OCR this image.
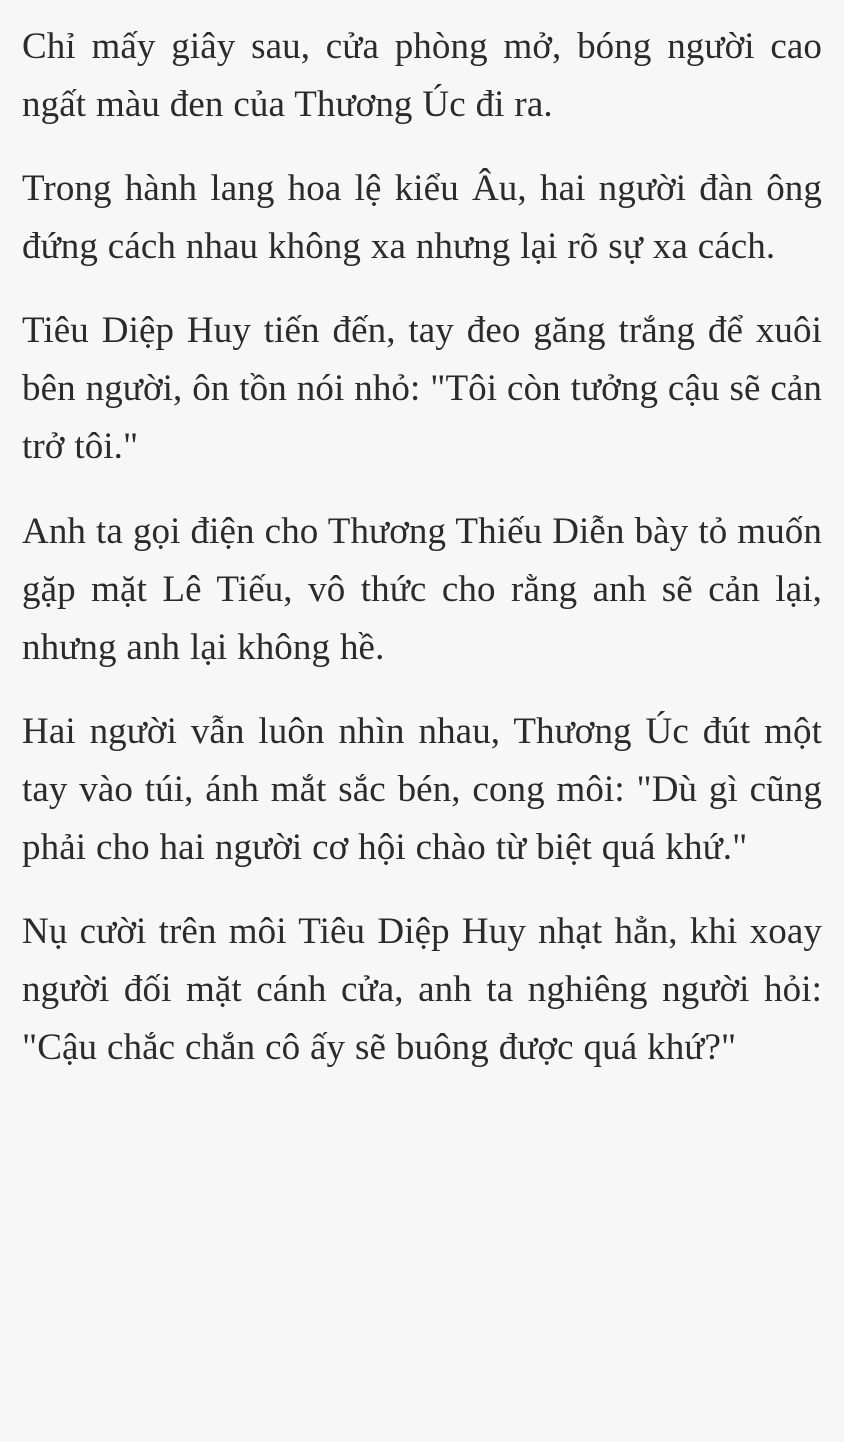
Chỉ mấy giây sau, cửa phòng mở, bóng người cao ngất màu đen của Thương Úc đi ra.

Trong hành lang hoa lệ kiểu Âu, hai người đàn ông đứng cách nhau không xa nhưng lại rõ sự xa cách.

Tiêu Diệp Huy tiến đến, tay đeo găng trắng để xuôi bên người, ôn tồn nói nhỏ: "Tôi còn tưởng cậu sẽ cản trở tôi."

Anh ta gọi điện cho Thương Thiếu Diễn bày tỏ muốn gặp mặt Lê Tiếu, vô thức cho rằng anh sẽ cản lại, nhưng anh lại không hề.

Hai người vẫn luôn nhìn nhau, Thương Úc đút một tay vào túi, ánh mắt sắc bén, cong môi: "Dù gì cũng phải cho hai người cơ hội chào từ biệt quá khứ."

Nụ cười trên môi Tiêu Diệp Huy nhạt hẳn, khi xoay người đối mặt cánh cửa, anh ta nghiêng người hỏi: "Cậu chắc chắn cô ấy sẽ buông được quá khứ?"
